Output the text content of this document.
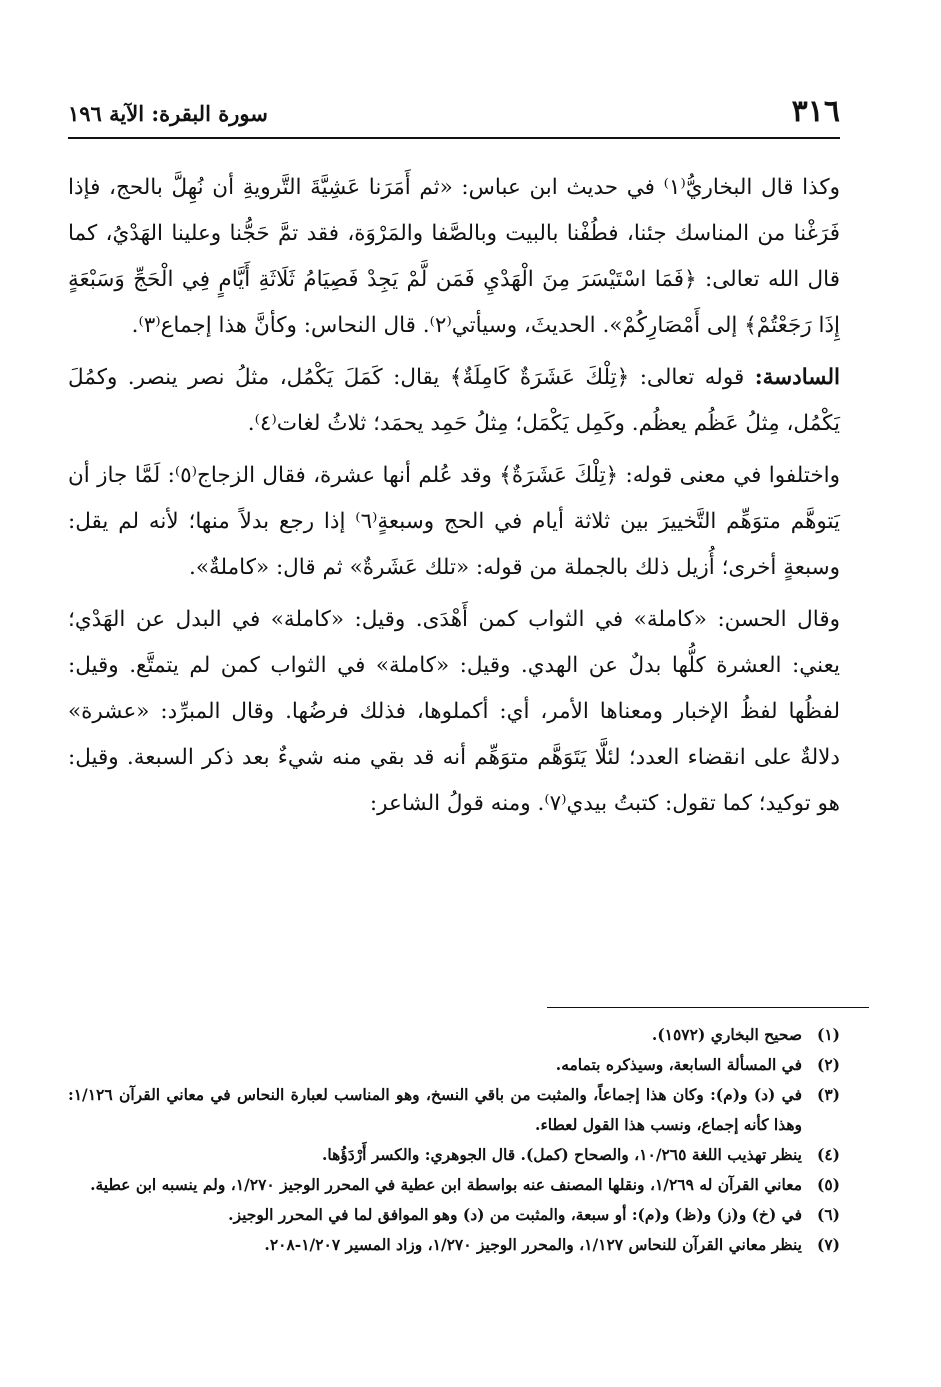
٣١٦
سورة البقرة: الآية ١٩٦

وكذا قال البخاريُّ⁽١⁾ في حديث ابن عباس: «ثم أَمَرَنا عَشِيَّةَ التَّرويةِ أن نُهِلَّ بالحج، فإذا فَرَغْنا من المناسك جئنا، فطُفْنا بالبيت وبالصَّفا والمَرْوَة، فقد تمَّ حَجُّنا وعلينا الهَدْيُ، كما قال الله تعالى: ﴿فَمَا اسْتَيْسَرَ مِنَ الْهَدْيِ فَمَن لَّمْ يَجِدْ فَصِيَامُ ثَلَاثَةِ أَيَّامٍ فِي الْحَجِّ وَسَبْعَةٍ إِذَا رَجَعْتُمْ﴾ إلى أَمْصَارِكُمْ». الحديثَ، وسيأتي⁽٢⁾. قال النحاس: وكأنَّ هذا إجماع⁽٣⁾.

السادسة: قوله تعالى: ﴿تِلْكَ عَشَرَةٌ كَامِلَةٌ﴾ يقال: كَمَلَ يَكْمُل، مثلُ نصر ينصر. وكمُلَ يَكْمُل، مِثلُ عَظُم يعظُم. وكَمِل يَكْمَل؛ مِثلُ حَمِد يحمَد؛ ثلاثُ لغات⁽٤⁾.

واختلفوا في معنى قوله: ﴿تِلْكَ عَشَرَةٌ﴾ وقد عُلم أنها عشرة، فقال الزجاج⁽٥⁾: لَمَّا جاز أن يَتوهَّم متوَهِّم التَّخييرَ بين ثلاثة أيام في الحج وسبعةٍ⁽٦⁾ إذا رجع بدلاً منها؛ لأنه لم يقل: وسبعةٍ أخرى؛ أُزيل ذلك بالجملة من قوله: «تلك عَشَرةٌ» ثم قال: «كاملةٌ».

وقال الحسن: «كاملة» في الثواب كمن أَهْدَى. وقيل: «كاملة» في البدل عن الهَدْي؛ يعني: العشرة كلُّها بدلٌ عن الهدي. وقيل: «كاملة» في الثواب كمن لم يتمتَّع. وقيل: لفظُها لفظُ الإخبار ومعناها الأمر، أي: أكملوها، فذلك فرضُها. وقال المبرِّد: «عشرة» دلالةٌ على انقضاء العدد؛ لئلَّا يَتَوَهَّم متوَهِّم أنه قد بقي منه شيءٌ بعد ذكر السبعة. وقيل: هو توكيد؛ كما تقول: كتبتُ بيدي⁽٧⁾. ومنه قولُ الشاعر:

(١)
صحيح البخاري (١٥٧٢).
(٢)
في المسألة السابعة، وسيذكره بتمامه.
(٣)
في (د) و(م): وكان هذا إجماعاً، والمثبت من باقي النسخ، وهو المناسب لعبارة النحاس في معاني القرآن ١/١٢٦: وهذا كأنه إجماع، ونسب هذا القول لعطاء.
(٤)
ينظر تهذيب اللغة ١٠/٢٦٥، والصحاح (كمل). قال الجوهري: والكسر أَرْدَؤُها.
(٥)
معاني القرآن له ١/٢٦٩، ونقلها المصنف عنه بواسطة ابن عطية في المحرر الوجيز ١/٢٧٠، ولم ينسبه ابن عطية.
(٦)
في (خ) و(ز) و(ظ) و(م): أو سبعة، والمثبت من (د) وهو الموافق لما في المحرر الوجيز.
(٧)
ينظر معاني القرآن للنحاس ١/١٢٧، والمحرر الوجيز ١/٢٧٠، وزاد المسير ١/٢٠٧-٢٠٨.
